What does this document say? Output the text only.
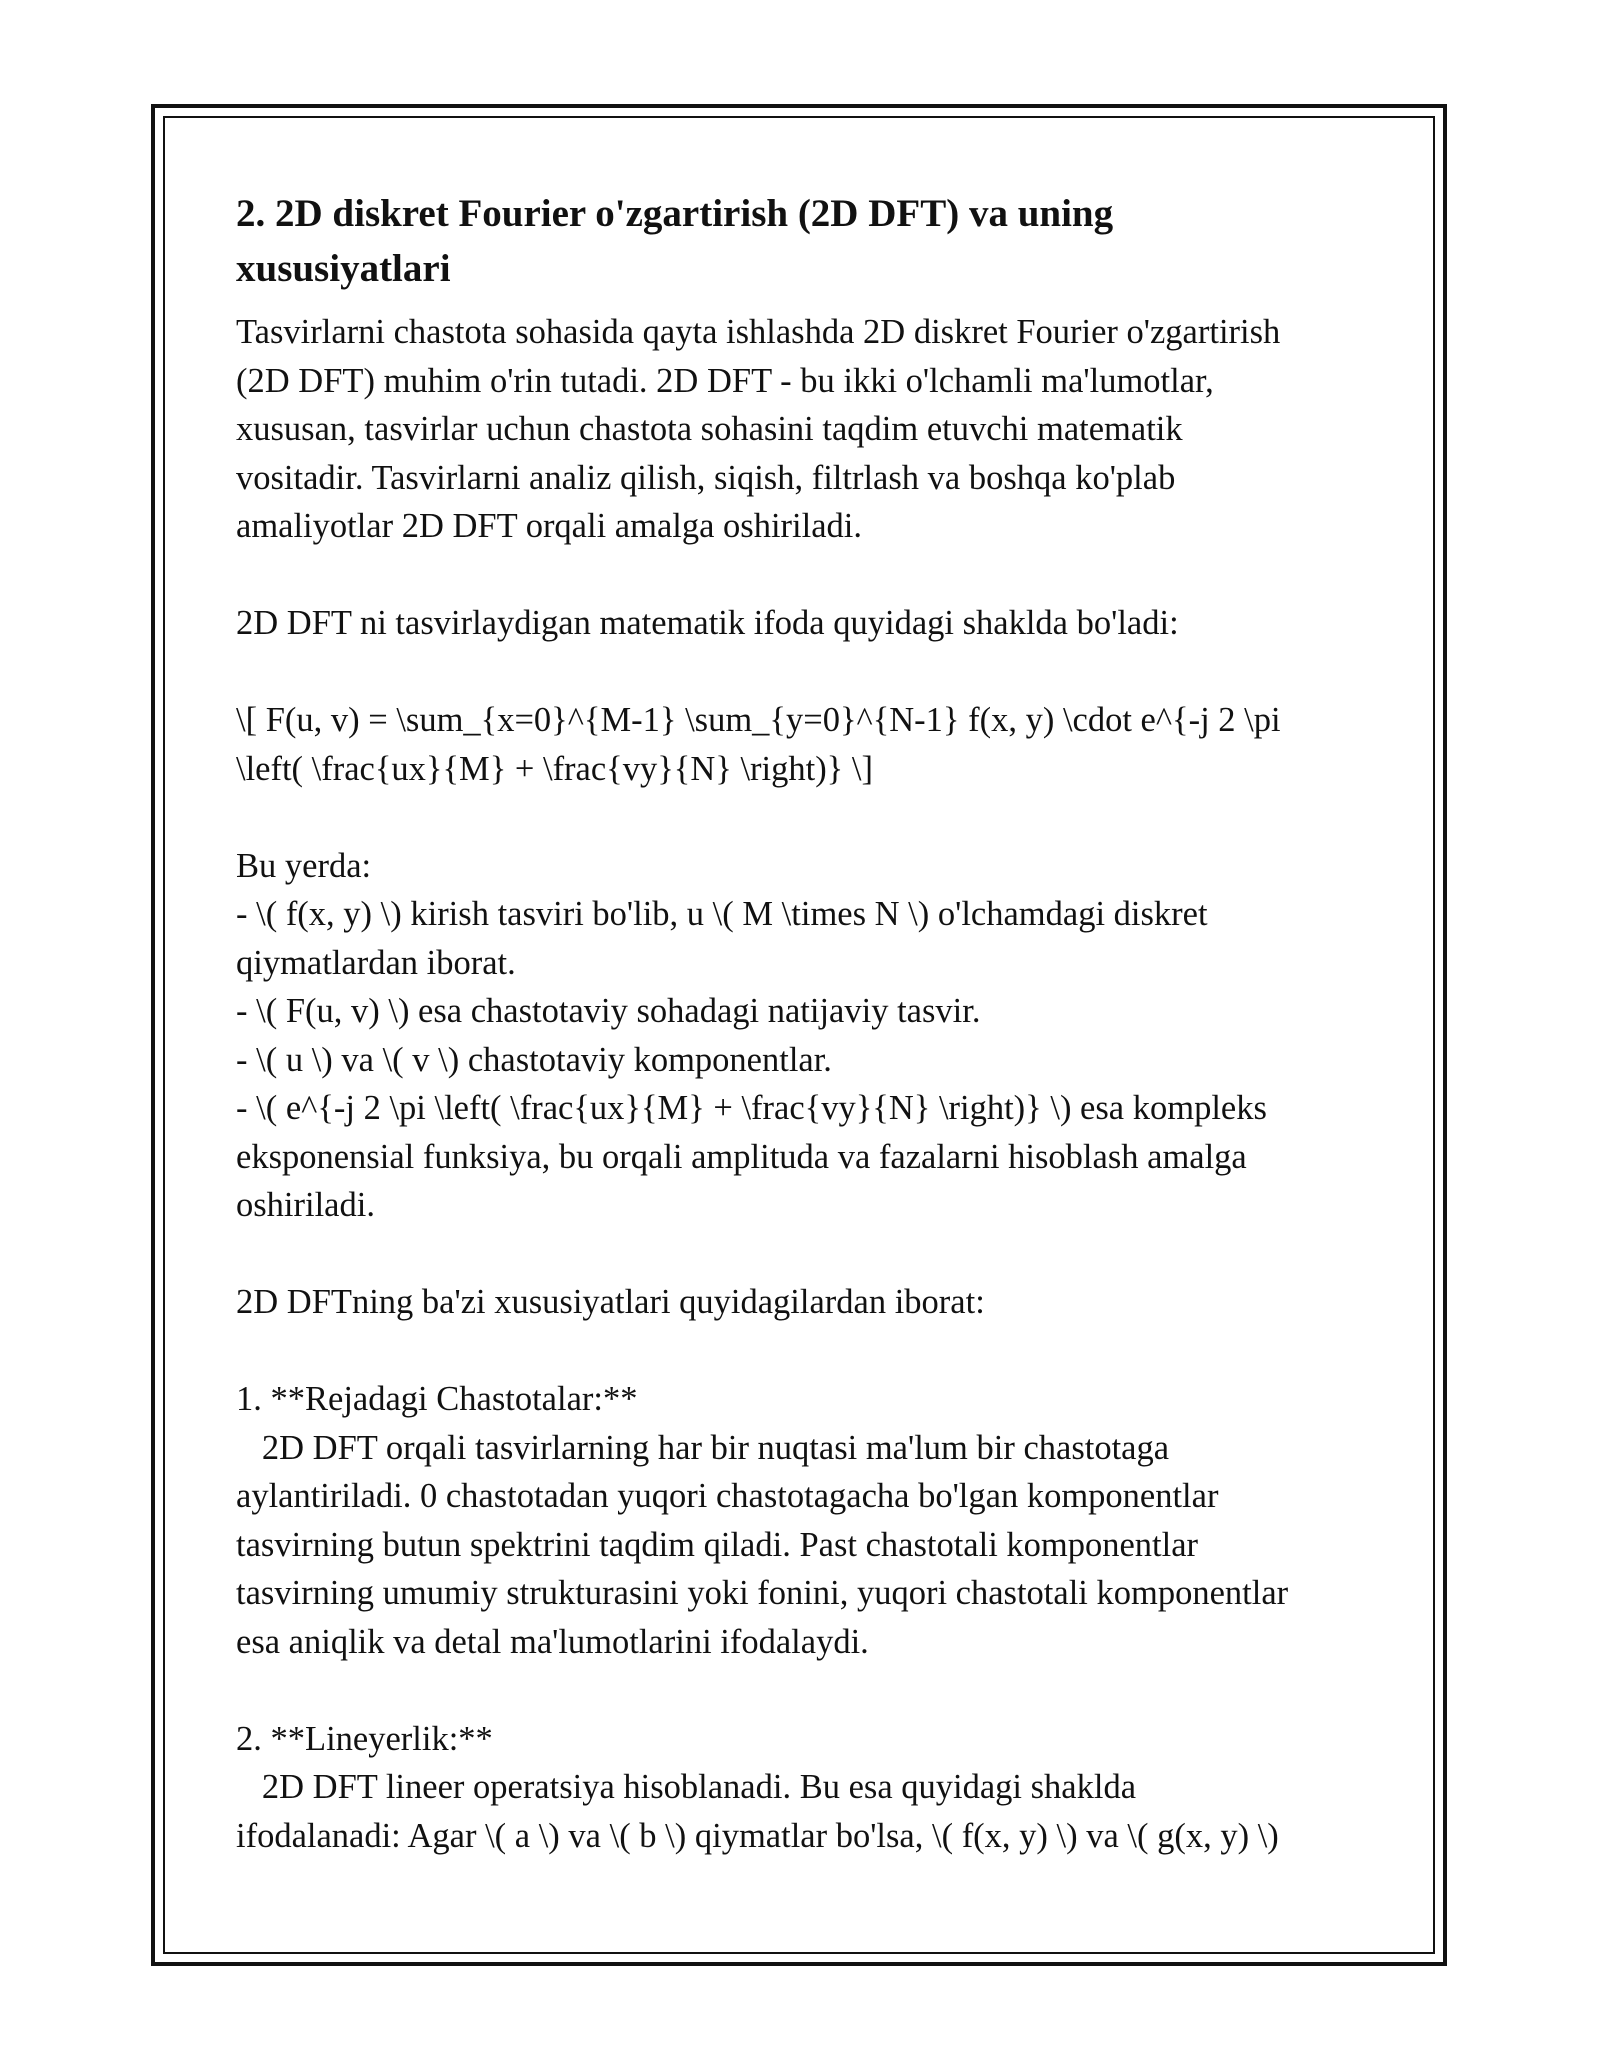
2. 2D diskret Fourier o'zgartirish (2D DFT) va uning
xususiyatlari
Tasvirlarni chastota sohasida qayta ishlashda 2D diskret Fourier o'zgartirish
(2D DFT) muhim o'rin tutadi. 2D DFT - bu ikki o'lchamli ma'lumotlar,
xususan, tasvirlar uchun chastota sohasini taqdim etuvchi matematik
vositadir. Tasvirlarni analiz qilish, siqish, filtrlash va boshqa ko'plab
amaliyotlar 2D DFT orqali amalga oshiriladi.
2D DFT ni tasvirlaydigan matematik ifoda quyidagi shaklda bo'ladi:
\[ F(u, v) = \sum_{x=0}^{M-1} \sum_{y=0}^{N-1} f(x, y) \cdot e^{-j 2 \pi
\left( \frac{ux}{M} + \frac{vy}{N} \right)} \]
Bu yerda:
- \( f(x, y) \) kirish tasviri bo'lib, u \( M \times N \) o'lchamdagi diskret
qiymatlardan iborat.
- \( F(u, v) \) esa chastotaviy sohadagi natijaviy tasvir.
- \( u \) va \( v \) chastotaviy komponentlar.
- \( e^{-j 2 \pi \left( \frac{ux}{M} + \frac{vy}{N} \right)} \) esa kompleks
eksponensial funksiya, bu orqali amplituda va fazalarni hisoblash amalga
oshiriladi.
2D DFTning ba'zi xususiyatlari quyidagilardan iborat:
1. **Rejadagi Chastotalar:**
2D DFT orqali tasvirlarning har bir nuqtasi ma'lum bir chastotaga
aylantiriladi. 0 chastotadan yuqori chastotagacha bo'lgan komponentlar
tasvirning butun spektrini taqdim qiladi. Past chastotali komponentlar
tasvirning umumiy strukturasini yoki fonini, yuqori chastotali komponentlar
esa aniqlik va detal ma'lumotlarini ifodalaydi.
2. **Lineyerlik:**
2D DFT lineer operatsiya hisoblanadi. Bu esa quyidagi shaklda
ifodalanadi: Agar \( a \) va \( b \) qiymatlar bo'lsa, \( f(x, y) \) va \( g(x, y) \)
